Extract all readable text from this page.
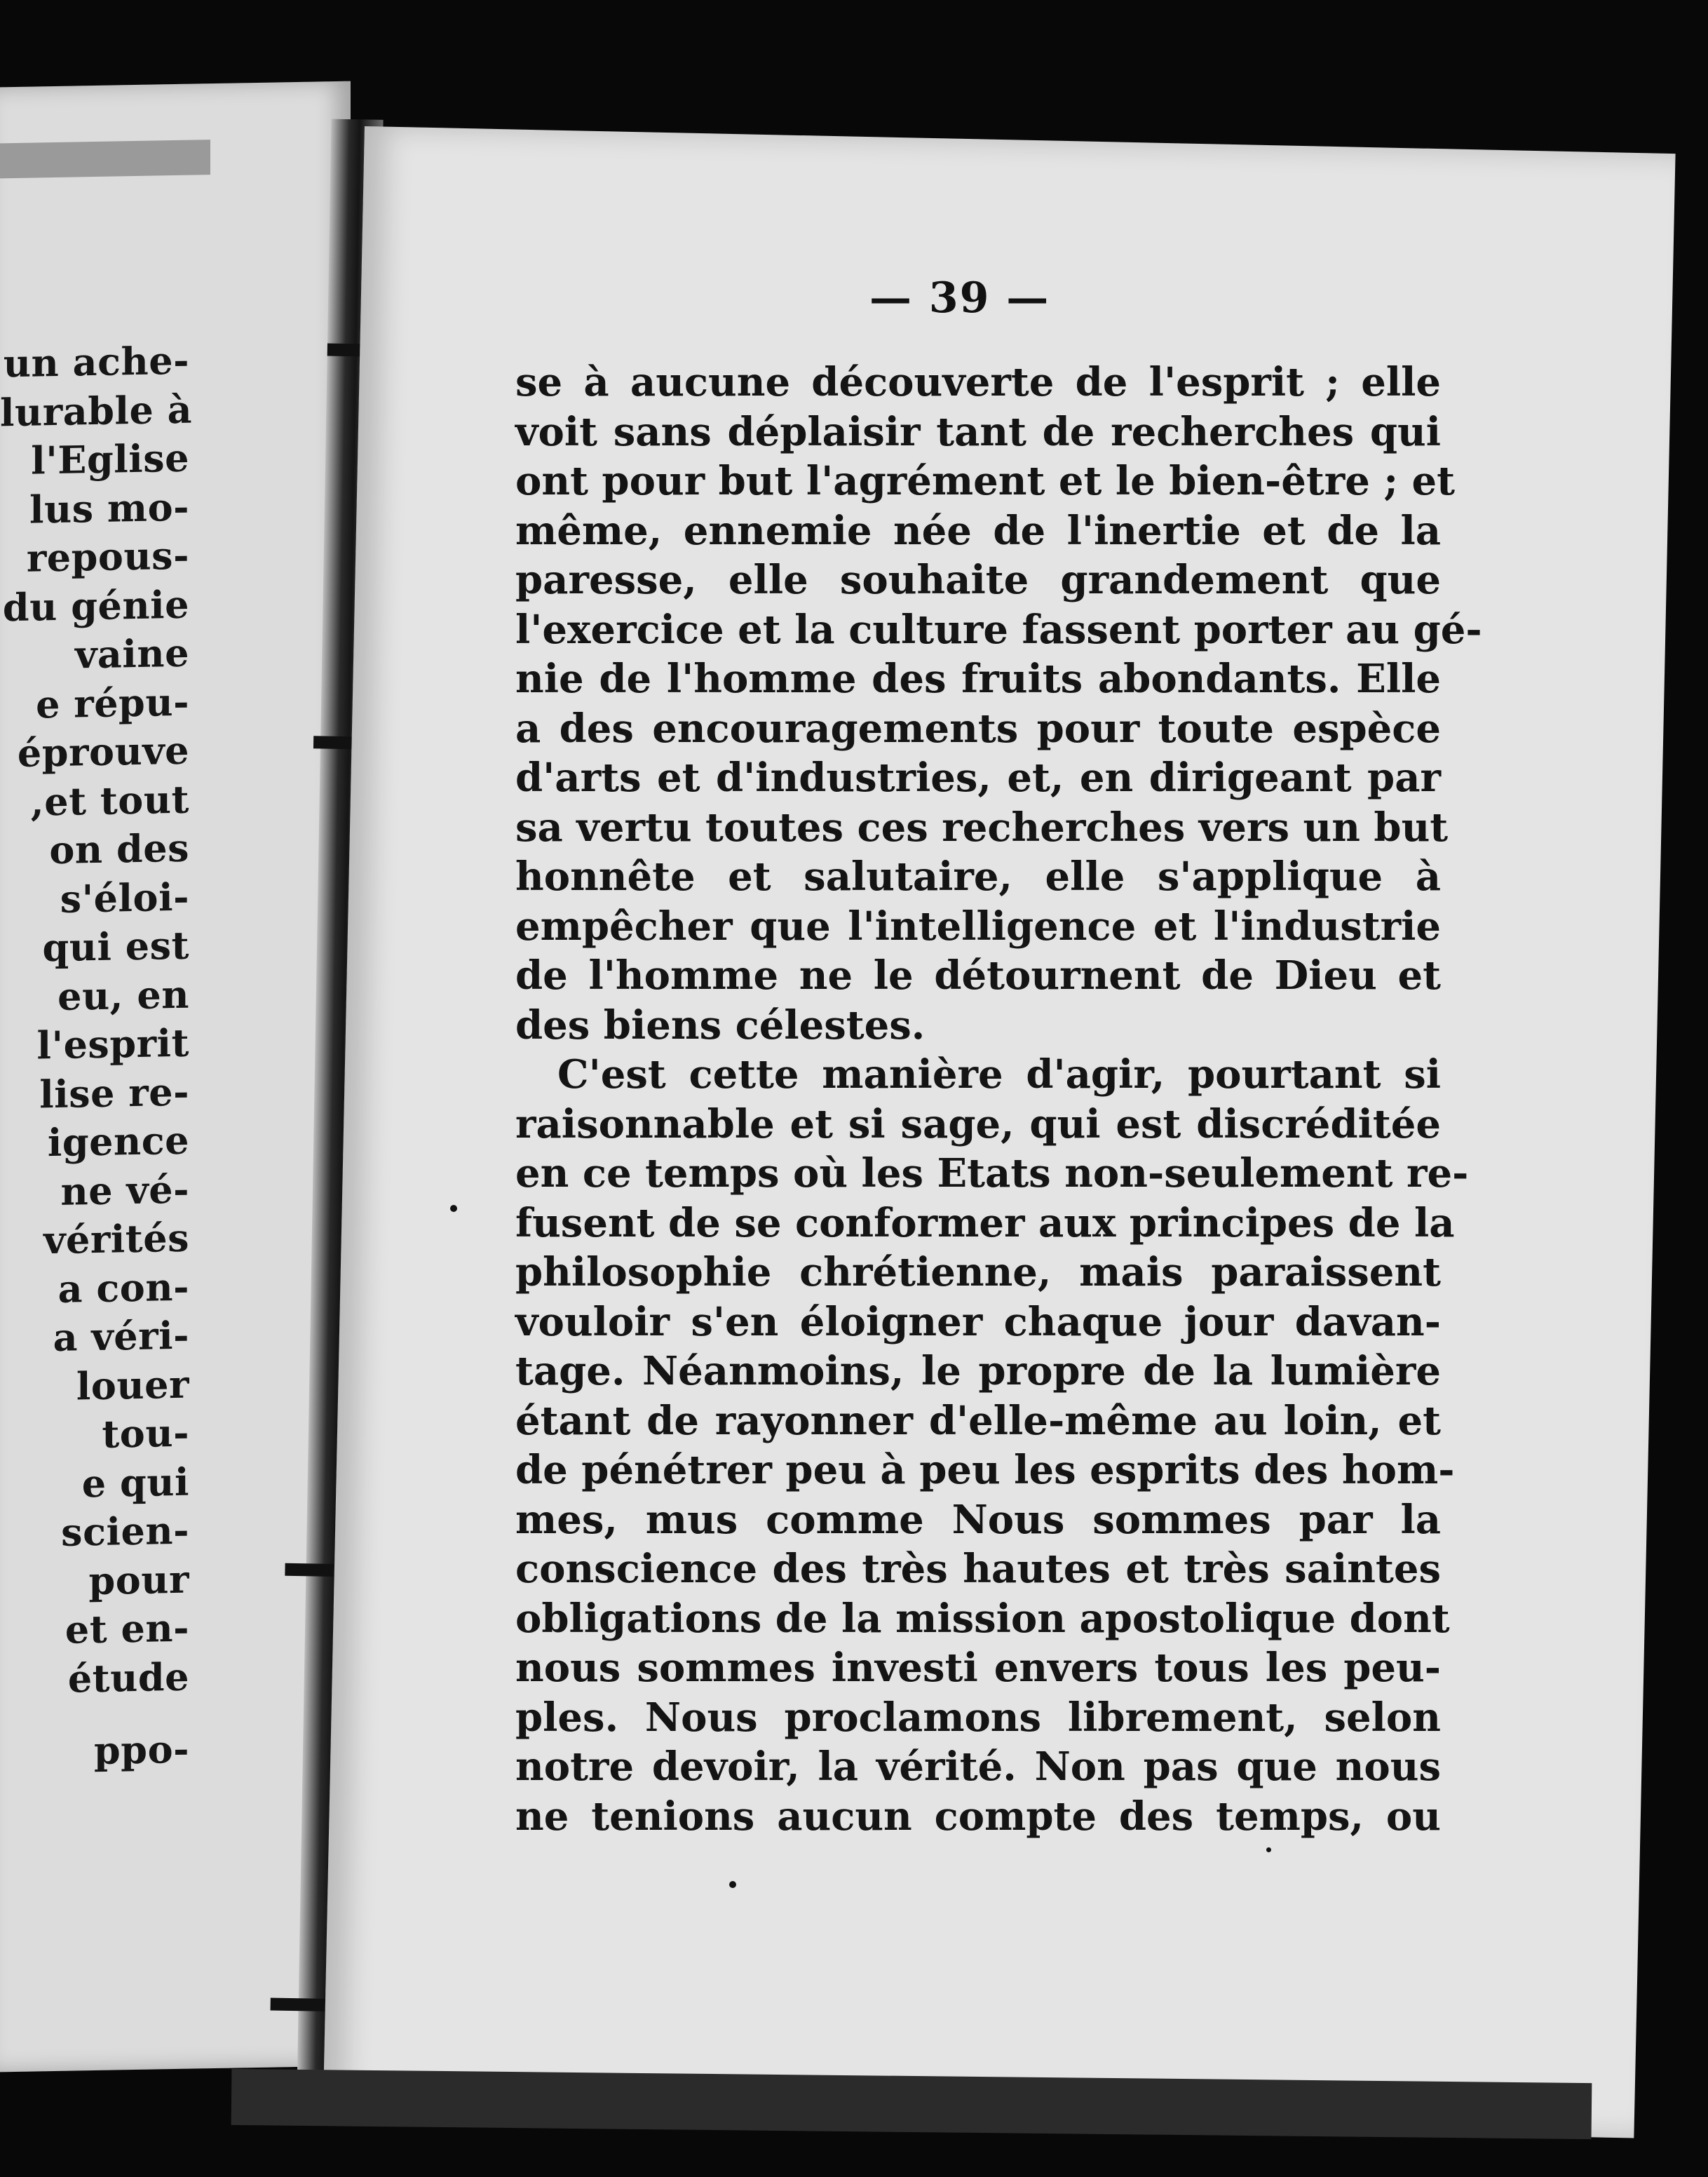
un ache-
lurable à
l'Eglise
lus mo-
repous-
du génie
vaine
e répu-
éprouve
,et tout
on des
s'éloi-
qui est
eu, en
l'esprit
lise re-
igence
ne vé-
vérités
a con-
a véri-
louer
tou-
e qui
scien-
pour
et en-
étude
ppo-
— 39 —
se à aucune découverte de l'esprit ; elle
voit sans déplaisir tant de recherches qui
ont pour but l'agrément et le bien-être ; et
même, ennemie née de l'inertie et de la
paresse, elle souhaite grandement que
l'exercice et la culture fassent porter au gé-
nie de l'homme des fruits abondants. Elle
a des encouragements pour toute espèce
d'arts et d'industries, et, en dirigeant par
sa vertu toutes ces recherches vers un but
honnête et salutaire, elle s'applique à
empêcher que l'intelligence et l'industrie
de l'homme ne le détournent de Dieu et
des biens célestes.
C'est cette manière d'agir, pourtant si
raisonnable et si sage, qui est discréditée
en ce temps où les Etats non-seulement re-
fusent de se conformer aux principes de la
philosophie chrétienne, mais paraissent
vouloir s'en éloigner chaque jour davan-
tage. Néanmoins, le propre de la lumière
étant de rayonner d'elle-même au loin, et
de pénétrer peu à peu les esprits des hom-
mes, mus comme Nous sommes par la
conscience des très hautes et très saintes
obligations de la mission apostolique dont
nous sommes investi envers tous les peu-
ples. Nous proclamons librement, selon
notre devoir, la vérité. Non pas que nous
ne tenions aucun compte des temps, ou
